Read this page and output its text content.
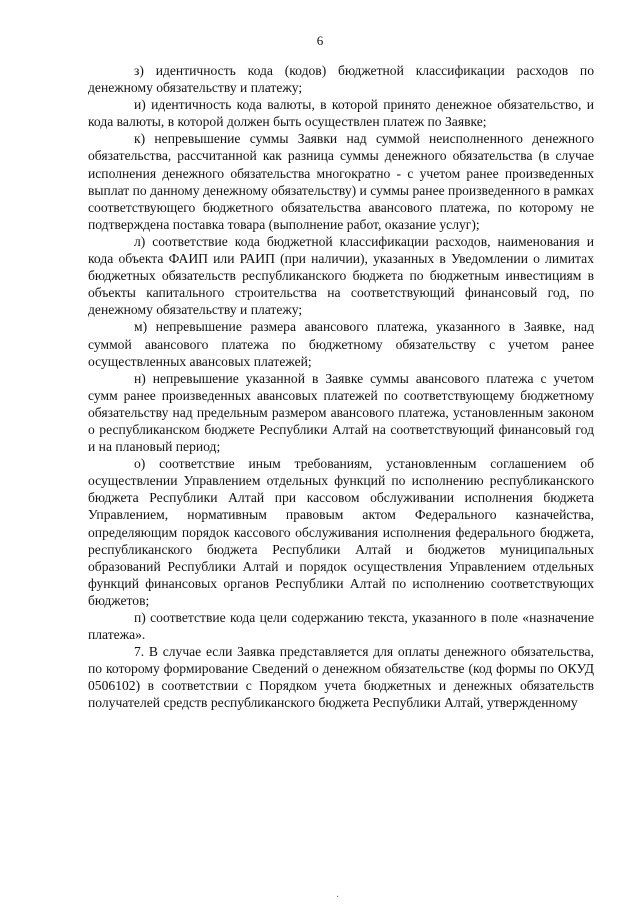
6

з) идентичность кода (кодов) бюджетной классификации расходов по денежному обязательству и платежу;

и) идентичность кода валюты, в которой принято денежное обязательство, и кода валюты, в которой должен быть осуществлен платеж по Заявке;

к) непревышение суммы Заявки над суммой неисполненного денежного обязательства, рассчитанной как разница суммы денежного обязательства (в случае исполнения денежного обязательства многократно - с учетом ранее произведенных выплат по данному денежному обязательству) и суммы ранее произведенного в рамках соответствующего бюджетного обязательства авансового платежа, по которому не подтверждена поставка товара (выполнение работ, оказание услуг);

л) соответствие кода бюджетной классификации расходов, наименования и кода объекта ФАИП или РАИП (при наличии), указанных в Уведомлении о лимитах бюджетных обязательств республиканского бюджета по бюджетным инвестициям в объекты капитального строительства на соответствующий финансовый год, по денежному обязательству и платежу;

м) непревышение размера авансового платежа, указанного в Заявке, над суммой авансового платежа по бюджетному обязательству с учетом ранее осуществленных авансовых платежей;

н) непревышение указанной в Заявке суммы авансового платежа с учетом сумм ранее произведенных авансовых платежей по соответствующему бюджетному обязательству над предельным размером авансового платежа, установленным законом о республиканском бюджете Республики Алтай на соответствующий финансовый год и на плановый период;

о) соответствие иным требованиям, установленным соглашением об осуществлении Управлением отдельных функций по исполнению республиканского бюджета Республики Алтай при кассовом обслуживании исполнения бюджета Управлением, нормативным правовым актом Федерального казначейства, определяющим порядок кассового обслуживания исполнения федерального бюджета, республиканского бюджета Республики Алтай и бюджетов муниципальных образований Республики Алтай и порядок осуществления Управлением отдельных функций финансовых органов Республики Алтай по исполнению соответствующих бюджетов;

п) соответствие кода цели содержанию текста, указанного в поле «назначение платежа».

7. В случае если Заявка представляется для оплаты денежного обязательства, по которому формирование Сведений о денежном обязательстве (код формы по ОКУД 0506102) в соответствии с Порядком учета бюджетных и денежных обязательств получателей средств республиканского бюджета Республики Алтай, утвержденному

·
